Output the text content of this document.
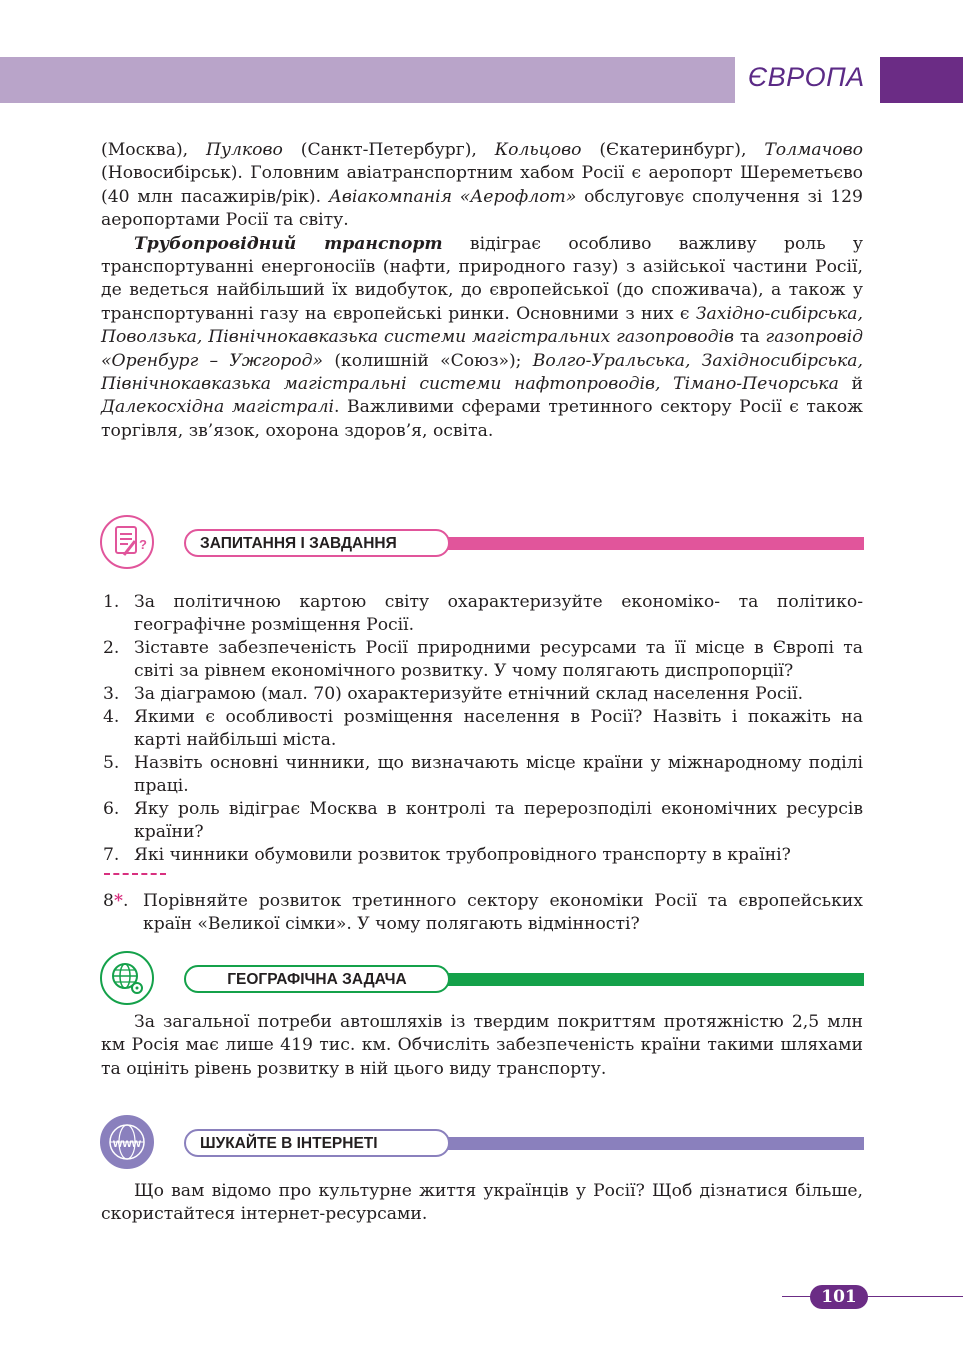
ЄВРОПА

(Москва), Пулково (Санкт-Петербург), Кольцово (Єкатеринбург), Толмачово (Новосибірськ). Головним авіатранспортним хабом Росії є аеропорт Шереметьєво (40 млн пасажирів/рік). Авіакомпанія «Аерофлот» обслуговує сполучення зі 129 аеропортами Росії та світу.

Трубопровідний транспорт відіграє особливо важливу роль у транспортуванні енергоносіїв (нафти, природного газу) з азійської частини Росії, де ведеться найбільший їх видобуток, до європейської (до споживача), а також у транспортуванні газу на європейські ринки. Основними з них є Західно-сибірська, Поволзька, Північнокавказька системи магістральних газопроводів та газопровід «Оренбург – Ужгород» (колишній «Союз»); Волго-Уральська, Західносибірська, Північнокавказька магістральні системи нафтопроводів, Тімано-Печорська й Далекосхідна магістралі. Важливими сферами третинного сектору Росії є також торгівля, зв’язок, охорона здоров’я, освіта.

?	ЗАПИТАННЯ І ЗАВДАННЯ
1. За політичною картою світу охарактеризуйте економіко- та політико-географічне розміщення Росії.
2. Зіставте забезпеченість Росії природними ресурсами та її місце в Європі та світі за рівнем економічного розвитку. У чому полягають диспропорції?
3. За діаграмою (мал. 70) охарактеризуйте етнічний склад населення Росії.
4. Якими є особливості розміщення населення в Росії? Назвіть і покажіть на карті найбільші міста.
5. Назвіть основні чинники, що визначають місце країни у міжнародному поділі праці.
6. Яку роль відіграє Москва в контролі та перерозподілі економічних ресурсів країни?
7. Які чинники обумовили розвиток трубопровідного транспорту в країні?
8*. Порівняйте розвиток третинного сектору економіки Росії та європейських країн «Великої сімки». У чому полягають відмінності?
ГЕОГРАФІЧНА ЗАДАЧА
За загальної потреби автошляхів із твердим покриттям протяжністю 2,5 млн км Росія має лише 419 тис. км. Обчисліть забезпеченість країни такими шляхами та оцініть рівень розвитку в ній цього виду транспорту.
www	ШУКАЙТЕ В ІНТЕРНЕТІ
Що вам відомо про культурне життя українців у Росії? Щоб дізнатися більше, скористайтеся інтернет-ресурсами.
101
